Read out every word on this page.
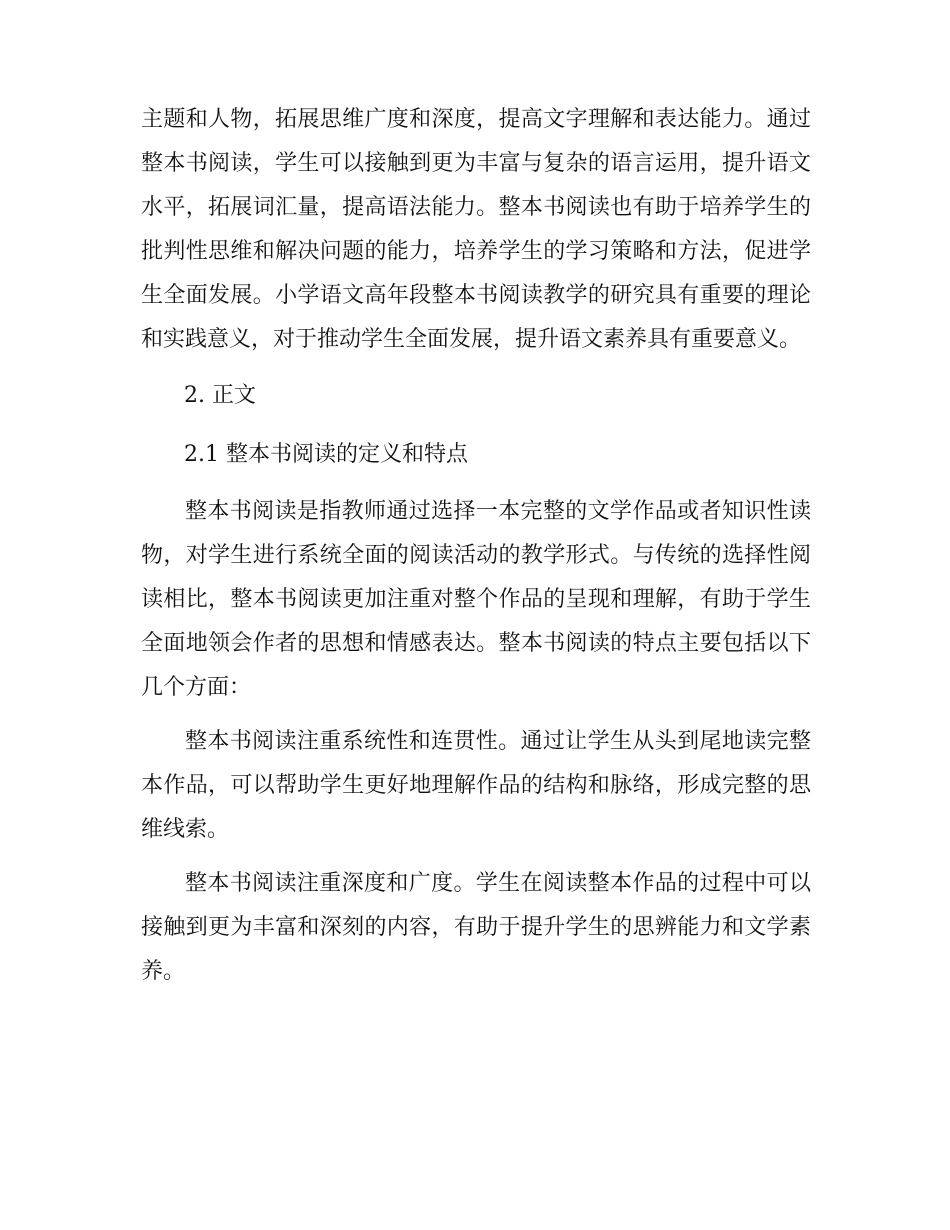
主题和人物，拓展思维广度和深度，提高文字理解和表达能力。通过整本书阅读，学生可以接触到更为丰富与复杂的语言运用，提升语文水平，拓展词汇量，提高语法能力。整本书阅读也有助于培养学生的批判性思维和解决问题的能力，培养学生的学习策略和方法，促进学生全面发展。小学语文高年段整本书阅读教学的研究具有重要的理论和实践意义，对于推动学生全面发展，提升语文素养具有重要意义。

2. 正文

2.1 整本书阅读的定义和特点

整本书阅读是指教师通过选择一本完整的文学作品或者知识性读物，对学生进行系统全面的阅读活动的教学形式。与传统的选择性阅读相比，整本书阅读更加注重对整个作品的呈现和理解，有助于学生全面地领会作者的思想和情感表达。整本书阅读的特点主要包括以下几个方面：

整本书阅读注重系统性和连贯性。通过让学生从头到尾地读完整本作品，可以帮助学生更好地理解作品的结构和脉络，形成完整的思维线索。

整本书阅读注重深度和广度。学生在阅读整本作品的过程中可以接触到更为丰富和深刻的内容，有助于提升学生的思辨能力和文学素养。
